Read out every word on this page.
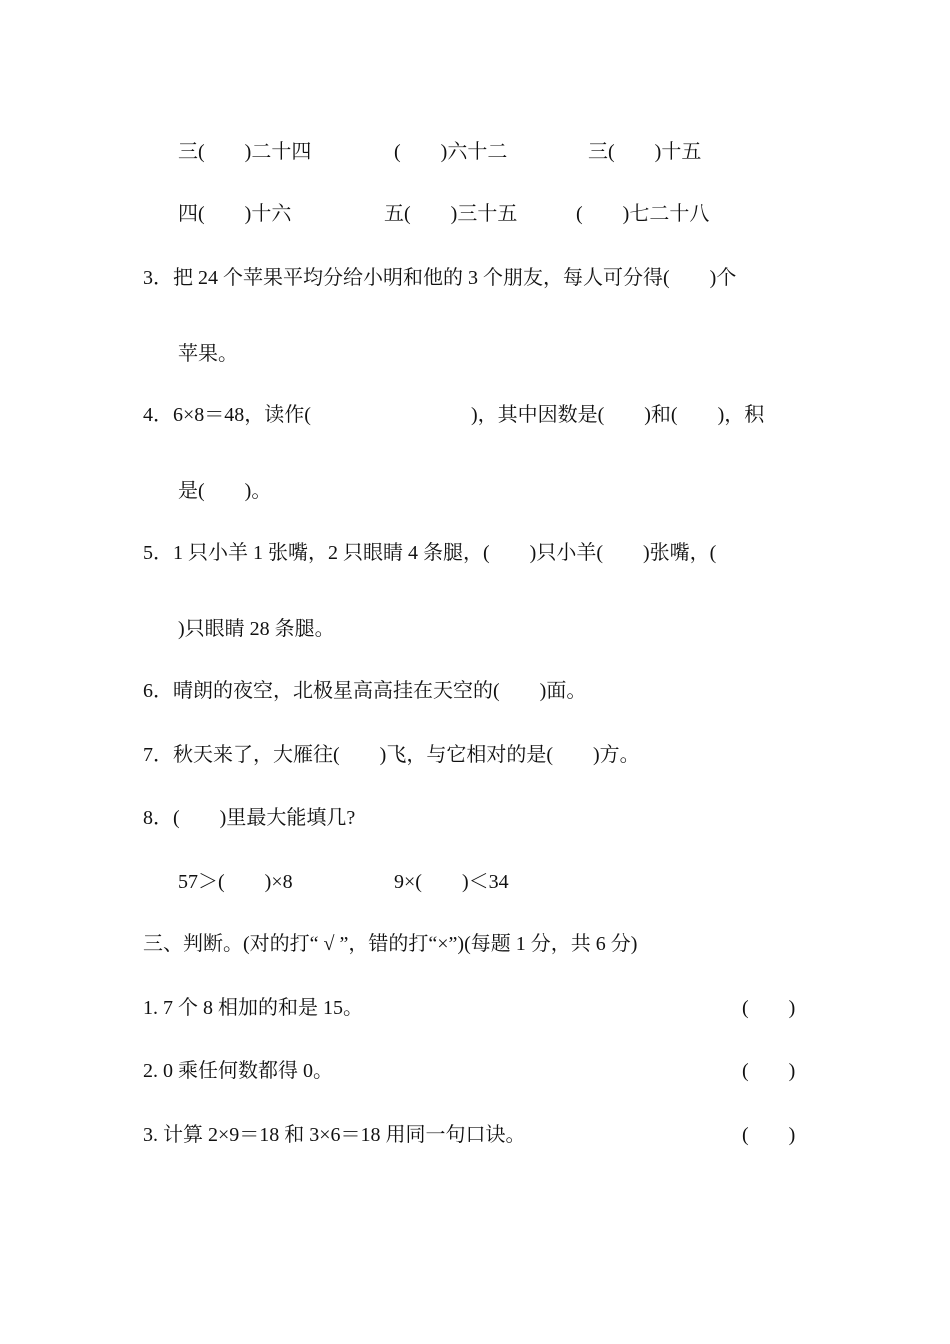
三(　　)二十四	(　　)六十二	三(　　)十五
四(　　)十六	五(　　)三十五	(　　)七二十八
3．把 24 个苹果平均分给小明和他的 3 个朋友，每人可分得(　　)个
苹果。
4．6×8＝48，读作(　　　　　　　　)，其中因数是(　　)和(　　)，积
是(　　)。
5．1 只小羊 1 张嘴，2 只眼睛 4 条腿，(　　)只小羊(　　)张嘴，(
)只眼睛 28 条腿。
6．晴朗的夜空，北极星高高挂在天空的(　　)面。
7．秋天来了，大雁往(　　)飞，与它相对的是(　　)方。
8．(　　)里最大能填几?
57＞(　　)×8	9×(　　)＜34
三、判断。(对的打“ √ ”，错的打“×”)(每题 1 分，共 6 分)
1. 7 个 8 相加的和是 15。	(　　)
2. 0 乘任何数都得 0。	(　　)
3. 计算 2×9＝18 和 3×6＝18 用同一句口诀。	(　　)
